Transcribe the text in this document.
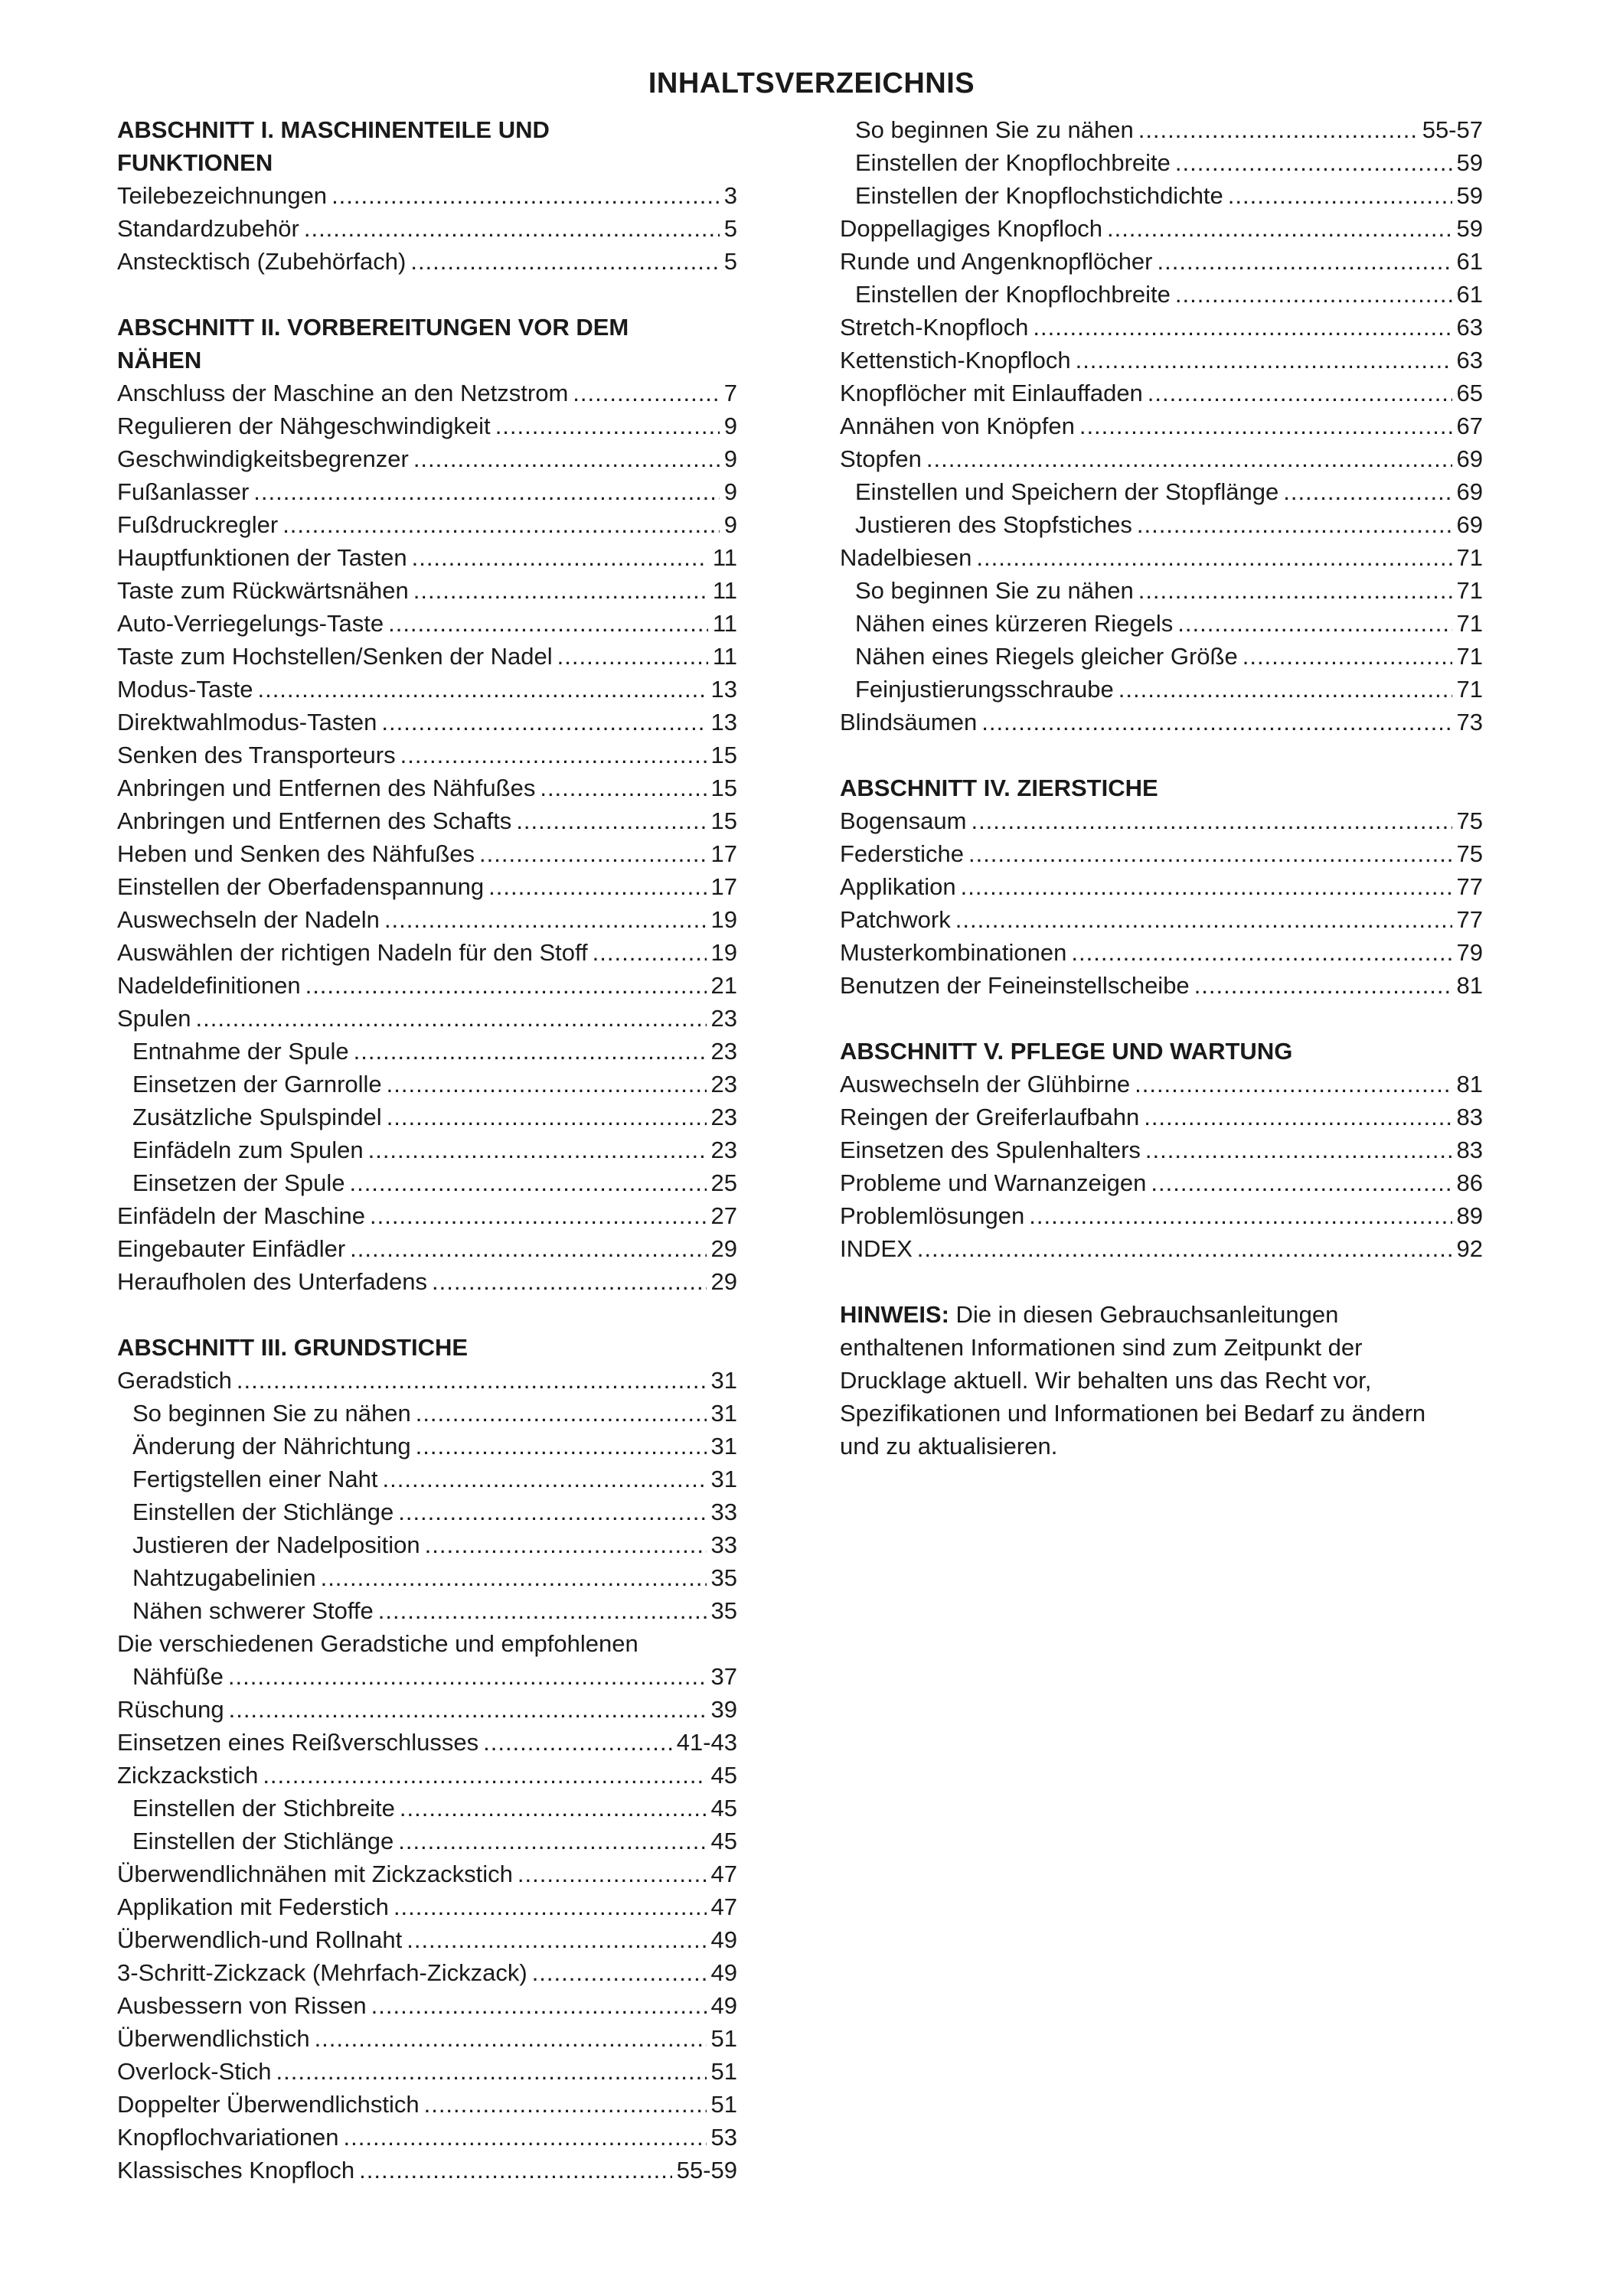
INHALTSVERZEICHNIS
ABSCHNITT I. MASCHINENTEILE UND
FUNKTIONEN
Teilebezeichnungen .....	3
Standardzubehör .....	5
Anstecktisch (Zubehörfach) .....	5
ABSCHNITT II. VORBEREITUNGEN VOR DEM
NÄHEN
Anschluss der Maschine an den Netzstrom .....	7
Regulieren der Nähgeschwindigkeit .....	9
Geschwindigkeitsbegrenzer .....	9
Fußanlasser .....	9
Fußdruckregler .....	9
Hauptfunktionen der Tasten .....	11
Taste zum Rückwärtsnähen .....	11
Auto-Verriegelungs-Taste .....	11
Taste zum Hochstellen/Senken der Nadel .....	11
Modus-Taste .....	13
Direktwahlmodus-Tasten .....	13
Senken des Transporteurs .....	15
Anbringen und Entfernen des Nähfußes .....	15
Anbringen und Entfernen des Schafts .....	15
Heben und Senken des Nähfußes .....	17
Einstellen der Oberfadenspannung .....	17
Auswechseln der Nadeln .....	19
Auswählen der richtigen Nadeln für den Stoff .....	19
Nadeldefinitionen .....	21
Spulen .....	23
Entnahme der Spule .....	23
Einsetzen der Garnrolle .....	23
Zusätzliche Spulspindel .....	23
Einfädeln zum Spulen .....	23
Einsetzen der Spule .....	25
Einfädeln der Maschine .....	27
Eingebauter Einfädler .....	29
Heraufholen des Unterfadens .....	29
ABSCHNITT III. GRUNDSTICHE
Geradstich .....	31
So beginnen Sie zu nähen .....	31
Änderung der Nährichtung .....	31
Fertigstellen einer Naht .....	31
Einstellen der Stichlänge .....	33
Justieren der Nadelposition .....	33
Nahtzugabelinien .....	35
Nähen schwerer Stoffe .....	35
Die verschiedenen Geradstiche und empfohlenen
Nähfüße .....	37
Rüschung .....	39
Einsetzen eines Reißverschlusses .....	41-43
Zickzackstich .....	45
Einstellen der Stichbreite .....	45
Einstellen der Stichlänge .....	45
Überwendlichnähen mit Zickzackstich .....	47
Applikation mit Federstich .....	47
Überwendlich-und Rollnaht .....	49
3-Schritt-Zickzack (Mehrfach-Zickzack) .....	49
Ausbessern von Rissen .....	49
Überwendlichstich .....	51
Overlock-Stich .....	51
Doppelter Überwendlichstich .....	51
Knopflochvariationen .....	53
Klassisches Knopfloch .....	55-59
So beginnen Sie zu nähen .....	55-57
Einstellen der Knopflochbreite .....	59
Einstellen der Knopflochstichdichte .....	59
Doppellagiges Knopfloch .....	59
Runde und Angenknopflöcher .....	61
Einstellen der Knopflochbreite .....	61
Stretch-Knopfloch .....	63
Kettenstich-Knopfloch .....	63
Knopflöcher mit Einlauffaden .....	65
Annähen von Knöpfen .....	67
Stopfen .....	69
Einstellen und Speichern der Stopflänge .....	69
Justieren des Stopfstiches .....	69
Nadelbiesen .....	71
So beginnen Sie zu nähen .....	71
Nähen eines kürzeren Riegels .....	71
Nähen eines Riegels gleicher Größe .....	71
Feinjustierungsschraube .....	71
Blindsäumen .....	73
ABSCHNITT IV. ZIERSTICHE
Bogensaum .....	75
Federstiche .....	75
Applikation .....	77
Patchwork .....	77
Musterkombinationen .....	79
Benutzen der Feineinstellscheibe .....	81
ABSCHNITT V. PFLEGE UND WARTUNG
Auswechseln der Glühbirne .....	81
Reingen der Greiferlaufbahn .....	83
Einsetzen des Spulenhalters .....	83
Probleme und Warnanzeigen .....	86
Problemlösungen .....	89
INDEX .....	92
HINWEIS: Die in diesen Gebrauchsanleitungen
enthaltenen Informationen sind zum Zeitpunkt der
Drucklage aktuell. Wir behalten uns das Recht vor,
Spezifikationen und Informationen bei Bedarf zu ändern
und zu aktualisieren.
